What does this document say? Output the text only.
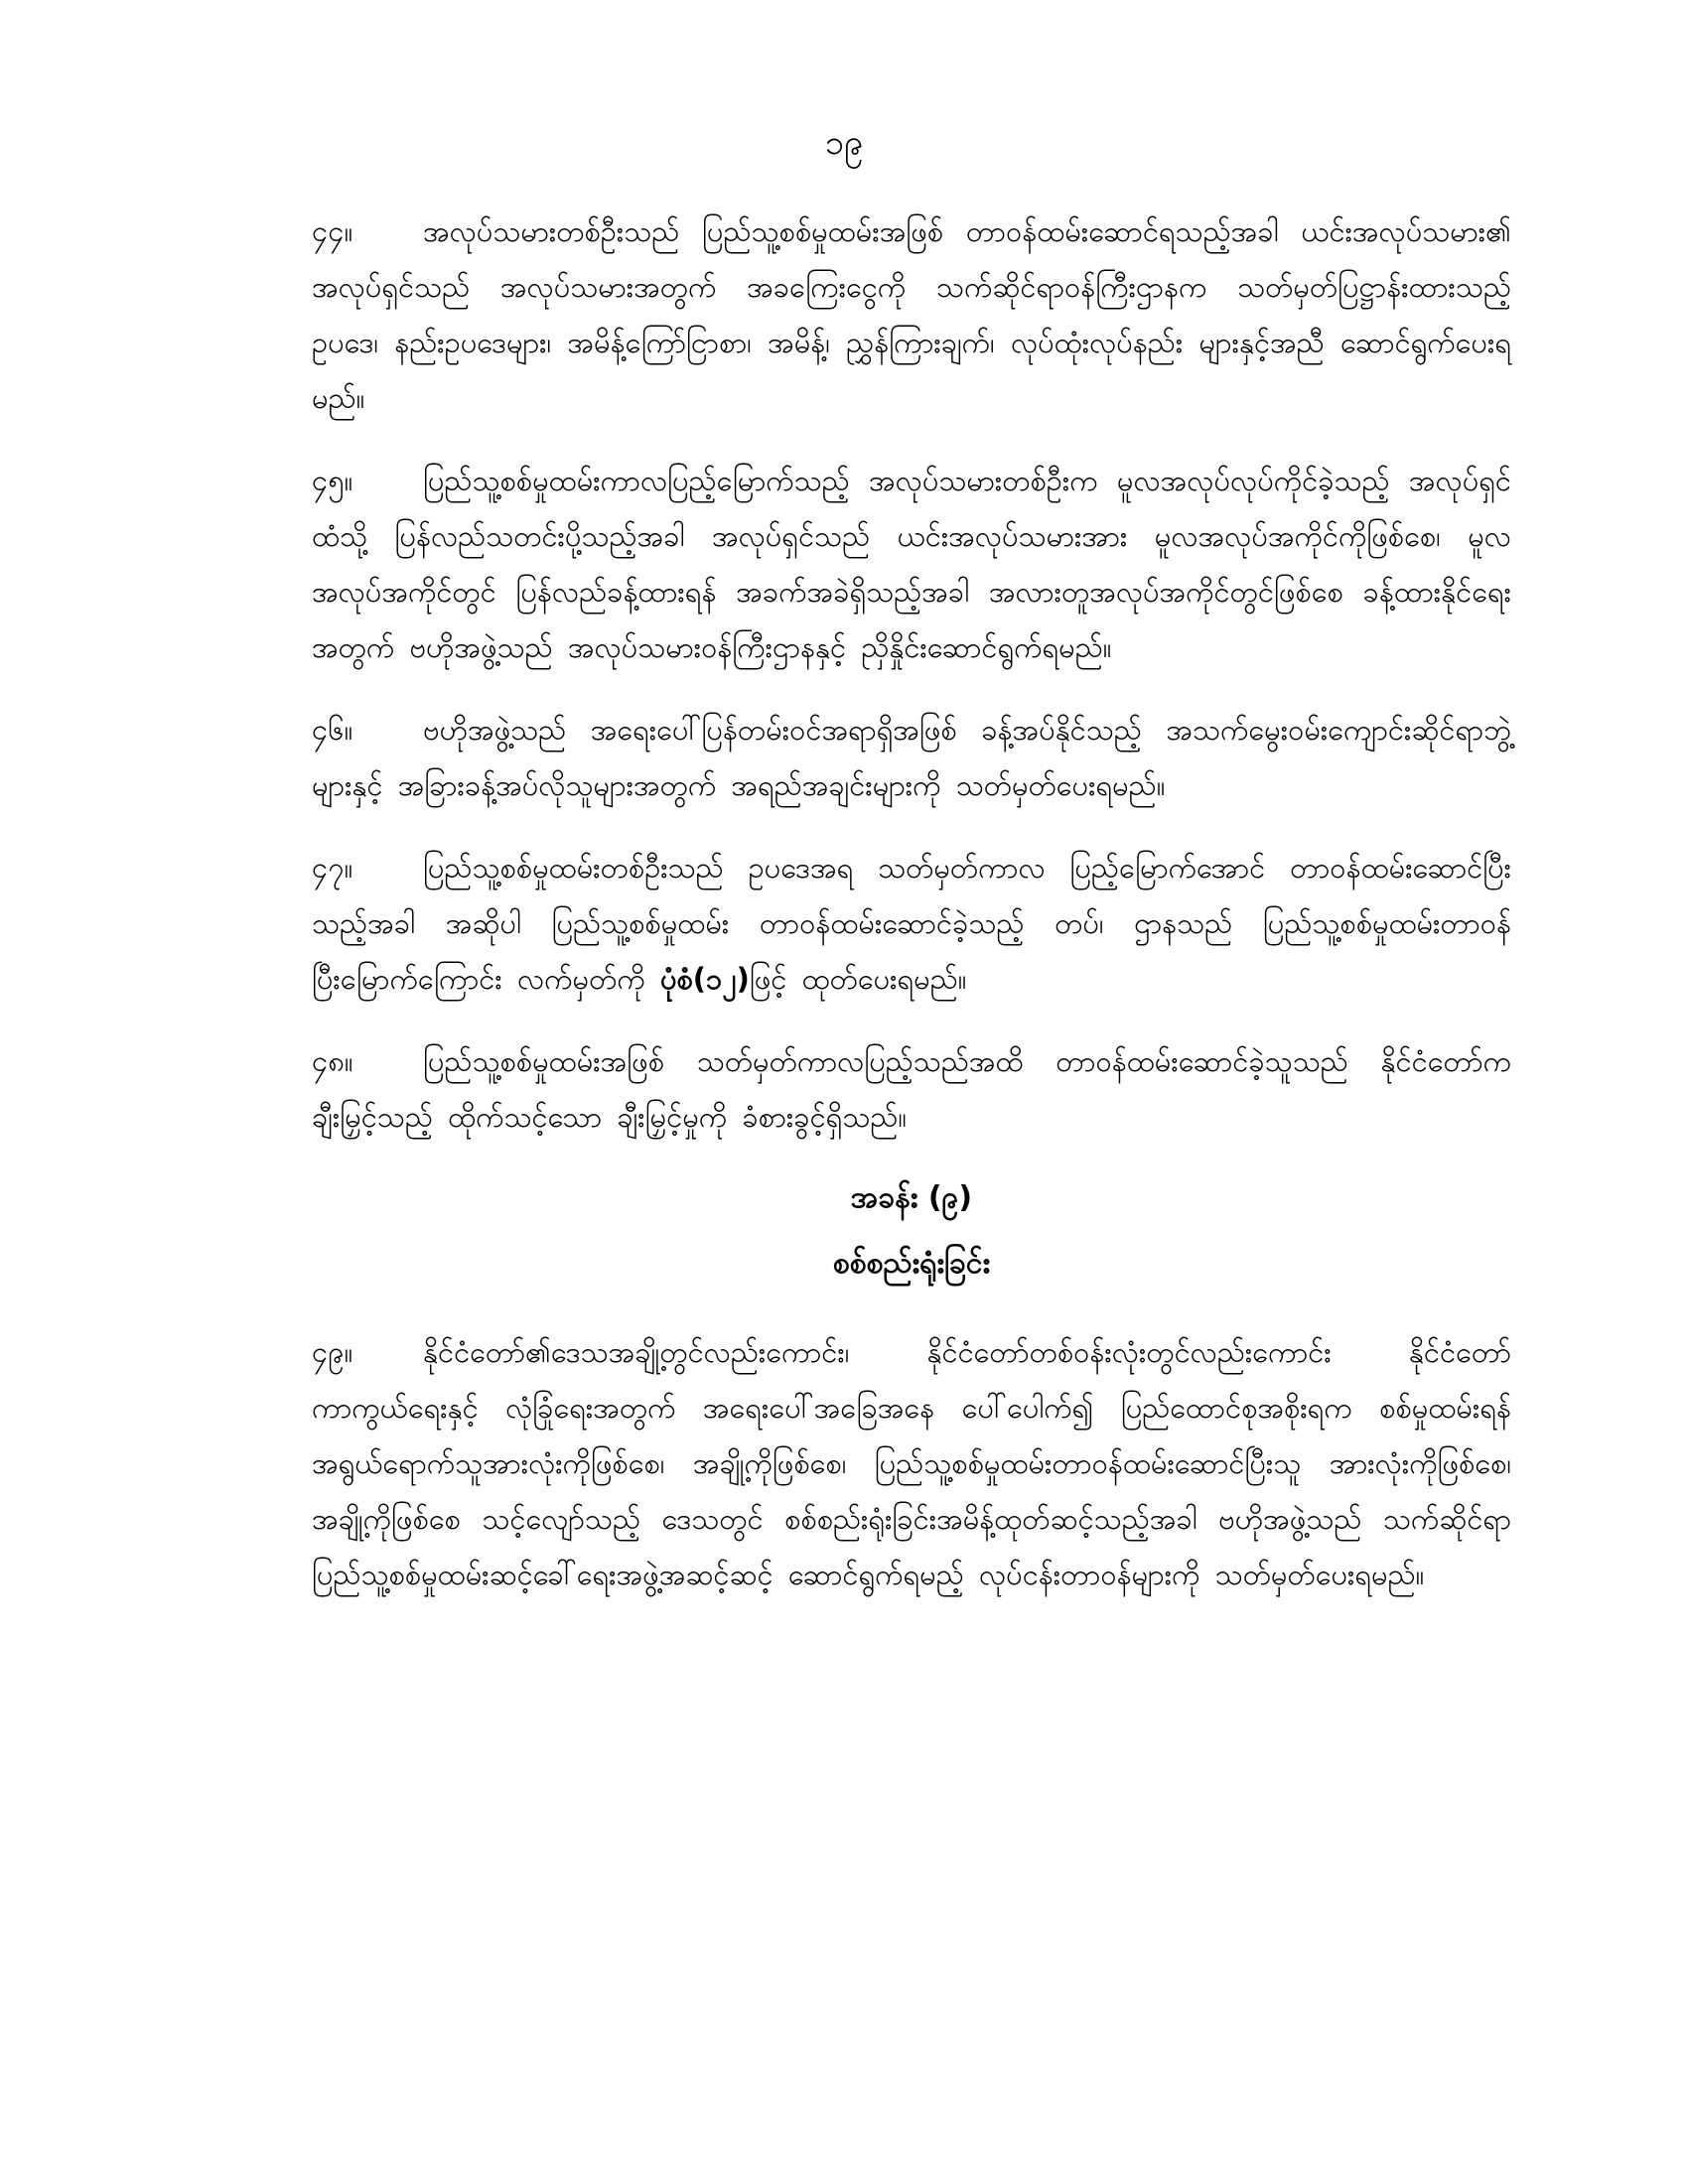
၁၉

၄၄။ အလုပ်သမားတစ်ဦးသည် ပြည်သူ့စစ်မှုထမ်းအဖြစ် တာဝန်ထမ်းဆောင်ရသည့်အခါ ယင်းအလုပ်သမား၏ အလုပ်ရှင်သည် အလုပ်သမားအတွက် အခကြေးငွေကို သက်ဆိုင်ရာဝန်ကြီးဌာနက သတ်မှတ်ပြဋ္ဌာန်းထားသည့်ဥပဒေ၊ နည်းဥပဒေများ၊ အမိန့်ကြော်ငြာစာ၊ အမိန့်၊ ညွှန်ကြားချက်၊ လုပ်ထုံးလုပ်နည်း များနှင့်အညီ ဆောင်ရွက်ပေးရမည်။

၄၅။ ပြည်သူ့စစ်မှုထမ်းကာလပြည့်မြောက်သည့် အလုပ်သမားတစ်ဦးက မူလအလုပ်လုပ်ကိုင်ခဲ့သည့် အလုပ်ရှင်ထံသို့ ပြန်လည်သတင်းပို့သည့်အခါ အလုပ်ရှင်သည် ယင်းအလုပ်သမားအား မူလအလုပ်အကိုင်ကိုဖြစ်စေ၊ မူလအလုပ်အကိုင်တွင် ပြန်လည်ခန့်ထားရန် အခက်အခဲရှိသည့်အခါ အလားတူအလုပ်အကိုင်တွင်ဖြစ်စေ ခန့်ထားနိုင်ရေးအတွက် ဗဟိုအဖွဲ့သည် အလုပ်သမားဝန်ကြီးဌာနနှင့် ညှိနှိုင်းဆောင်ရွက်ရမည်။

၄၆။ ဗဟိုအဖွဲ့သည် အရေးပေါ်ပြန်တမ်းဝင်အရာရှိအဖြစ် ခန့်အပ်နိုင်သည့် အသက်မွေးဝမ်းကျောင်းဆိုင်ရာဘွဲ့များနှင့် အခြားခန့်အပ်လိုသူများအတွက် အရည်အချင်းများကို သတ်မှတ်ပေးရမည်။

၄၇။ ပြည်သူ့စစ်မှုထမ်းတစ်ဦးသည် ဥပဒေအရ သတ်မှတ်ကာလ ပြည့်မြောက်အောင် တာဝန်ထမ်းဆောင်ပြီးသည့်အခါ အဆိုပါ ပြည်သူ့စစ်မှုထမ်း တာဝန်ထမ်းဆောင်ခဲ့သည့် တပ်၊ ဌာနသည် ပြည်သူ့စစ်မှုထမ်းတာဝန် ပြီးမြောက်ကြောင်း လက်မှတ်ကို ပုံစံ(၁၂)ဖြင့် ထုတ်ပေးရမည်။

၄၈။ ပြည်သူ့စစ်မှုထမ်းအဖြစ် သတ်မှတ်ကာလပြည့်သည်အထိ တာဝန်ထမ်းဆောင်ခဲ့သူသည် နိုင်ငံတော်ကချီးမြှင့်သည့် ထိုက်သင့်သော ချီးမြှင့်မှုကို ခံစားခွင့်ရှိသည်။

အခန်း (၉)
စစ်စည်းရုံးခြင်း

၄၉။ နိုင်ငံတော်၏ဒေသအချို့တွင်လည်းကောင်း၊ နိုင်ငံတော်တစ်ဝန်းလုံးတွင်လည်းကောင်း နိုင်ငံတော်ကာကွယ်ရေးနှင့် လုံခြုံရေးအတွက် အရေးပေါ်အခြေအနေ ပေါ်ပေါက်၍ ပြည်ထောင်စုအစိုးရက စစ်မှုထမ်းရန်အရွယ်ရောက်သူအားလုံးကိုဖြစ်စေ၊ အချို့ကိုဖြစ်စေ၊ ပြည်သူ့စစ်မှုထမ်းတာဝန်ထမ်းဆောင်ပြီးသူ အားလုံးကိုဖြစ်စေ၊ အချို့ကိုဖြစ်စေ သင့်လျော်သည့် ဒေသတွင် စစ်စည်းရုံးခြင်းအမိန့်ထုတ်ဆင့်သည့်အခါ ဗဟိုအဖွဲ့သည် သက်ဆိုင်ရာ ပြည်သူ့စစ်မှုထမ်းဆင့်ခေါ်ရေးအဖွဲ့အဆင့်ဆင့် ဆောင်ရွက်ရမည့် လုပ်ငန်းတာဝန်များကို သတ်မှတ်ပေးရမည်။
